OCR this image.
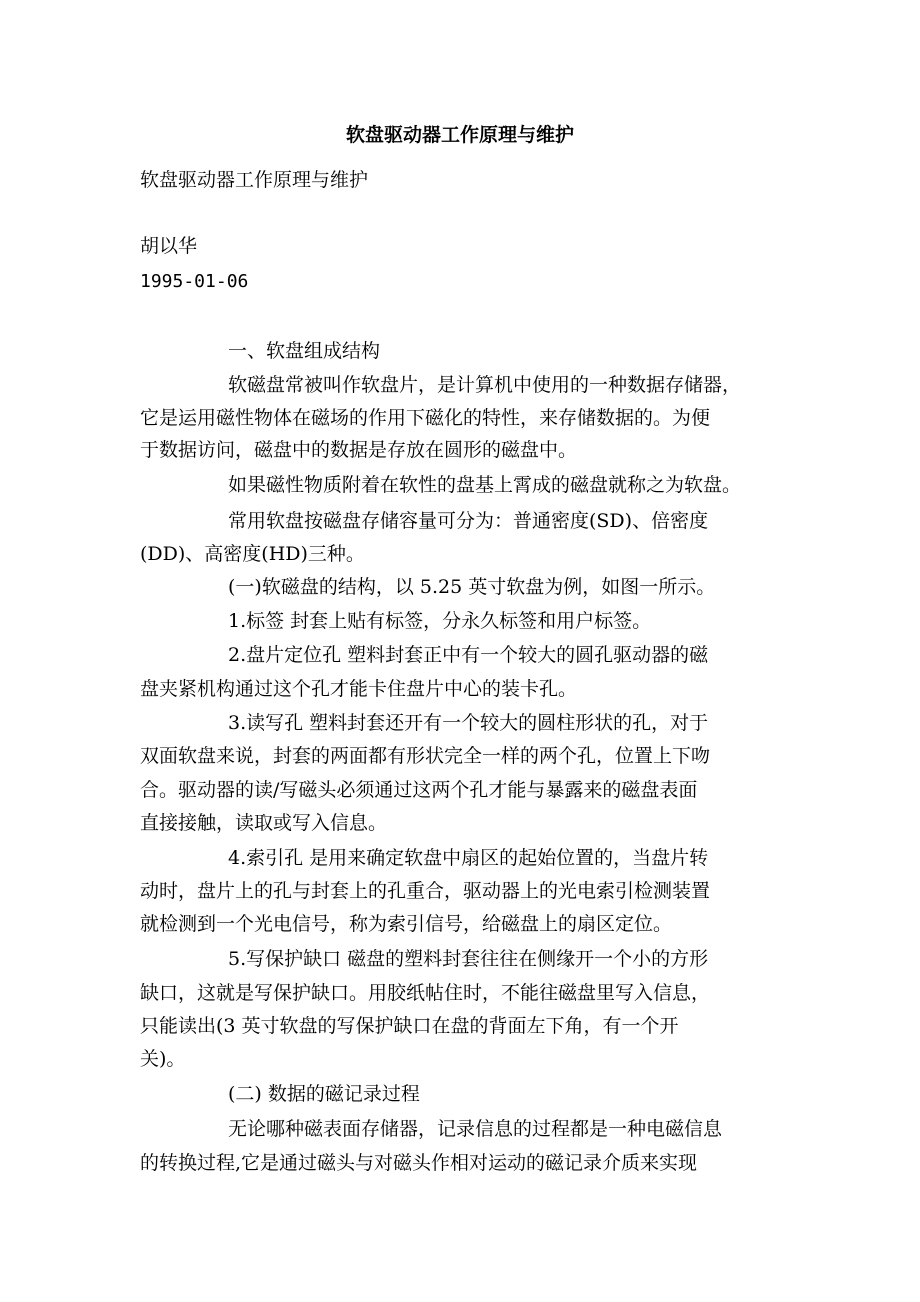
软盘驱动器工作原理与维护
软盘驱动器工作原理与维护
胡以华
1995-01-06
一、软盘组成结构
软磁盘常被叫作软盘片，是计算机中使用的一种数据存储器，
它是运用磁性物体在磁场的作用下磁化的特性，来存储数据的。为便
于数据访问，磁盘中的数据是存放在圆形的磁盘中。
如果磁性物质附着在软性的盘基上霄成的磁盘就称之为软盘。
常用软盘按磁盘存储容量可分为：普通密度(SD)、倍密度
(DD)、高密度(HD)三种。
(一)软磁盘的结构，以 5.25 英寸软盘为例，如图一所示。
1.标签 封套上贴有标签，分永久标签和用户标签。
2.盘片定位孔 塑料封套正中有一个较大的圆孔驱动器的磁
盘夹紧机构通过这个孔才能卡住盘片中心的装卡孔。
3.读写孔 塑料封套还开有一个较大的圆柱形状的孔，对于
双面软盘来说，封套的两面都有形状完全一样的两个孔，位置上下吻
合。驱动器的读/写磁头必须通过这两个孔才能与暴露来的磁盘表面
直接接触，读取或写入信息。
4.索引孔 是用来确定软盘中扇区的起始位置的，当盘片转
动时，盘片上的孔与封套上的孔重合，驱动器上的光电索引检测装置
就检测到一个光电信号，称为索引信号，给磁盘上的扇区定位。
5.写保护缺口 磁盘的塑料封套往往在侧缘开一个小的方形
缺口，这就是写保护缺口。用胶纸帖住时，不能往磁盘里写入信息，
只能读出(3 英寸软盘的写保护缺口在盘的背面左下角，有一个开
关)。
(二) 数据的磁记录过程
无论哪种磁表面存储器，记录信息的过程都是一种电磁信息
的转换过程,它是通过磁头与对磁头作相对运动的磁记录介质来实现
